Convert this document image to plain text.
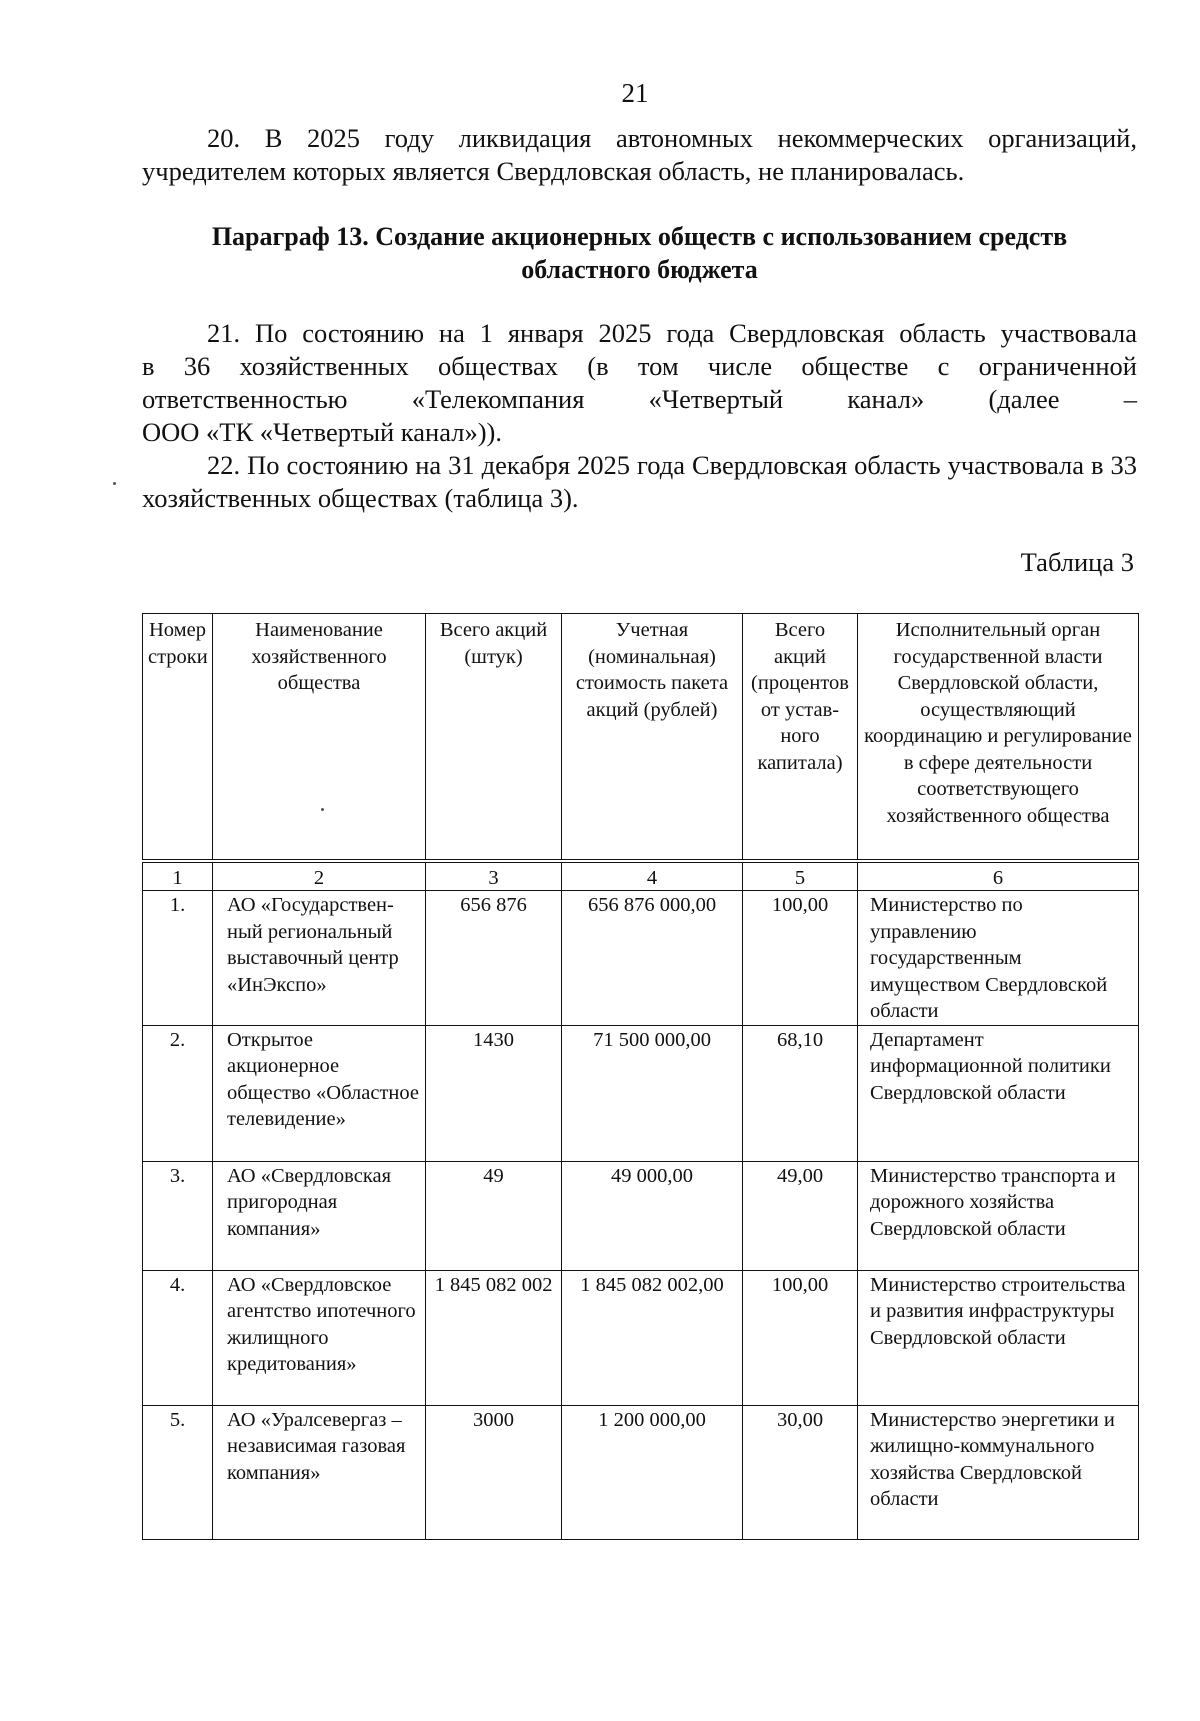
21
20. В 2025 году ликвидация автономных некоммерческих организаций, учредителем которых является Свердловская область, не планировалась.
Параграф 13. Создание акционерных обществ с использованием средств
областного бюджета
21. По состоянию на 1 января 2025 года Свердловская область участвовала
в 36 хозяйственных обществах (в том числе обществе с ограниченной
ответственностью «Телекомпания «Четвертый канал» (далее –
ООО «ТК «Четвертый канал»)).
22. По состоянию на 31 декабря 2025 года Свердловская область участвовала в 33 хозяйственных обществах (таблица 3).
Таблица 3
Номер строки	Наименование хозяйственного общества	Всего акций (штук)	Учетная (номинальная) стоимость пакета акций (рублей)	Всего акций (процентов от устав-ного капитала)	Исполнительный орган государственной власти Свердловской области, осуществляющий координацию и регулирование в сфере деятельности соответствующего хозяйственного общества

1	2	3	4	5	6
1.	АО «Государствен-ный региональный выставочный центр «ИнЭкспо»	656 876	656 876 000,00	100,00	Министерство по управлению государственным имуществом Свердловской области
2.	Открытое акционерное общество «Областное телевидение»	1430	71 500 000,00	68,10	Департамент информационной политики Свердловской области
3.	АО «Свердловская пригородная компания»	49	49 000,00	49,00	Министерство транспорта и дорожного хозяйства Свердловской области
4.	АО «Свердловское агентство ипотечного жилищного кредитования»	1 845 082 002	1 845 082 002,00	100,00	Министерство строительства и развития инфраструктуры Свердловской области
5.	АО «Уралсевергаз – независимая газовая компания»	3000	1 200 000,00	30,00	Министерство энергетики и жилищно-коммунального хозяйства Свердловской области
